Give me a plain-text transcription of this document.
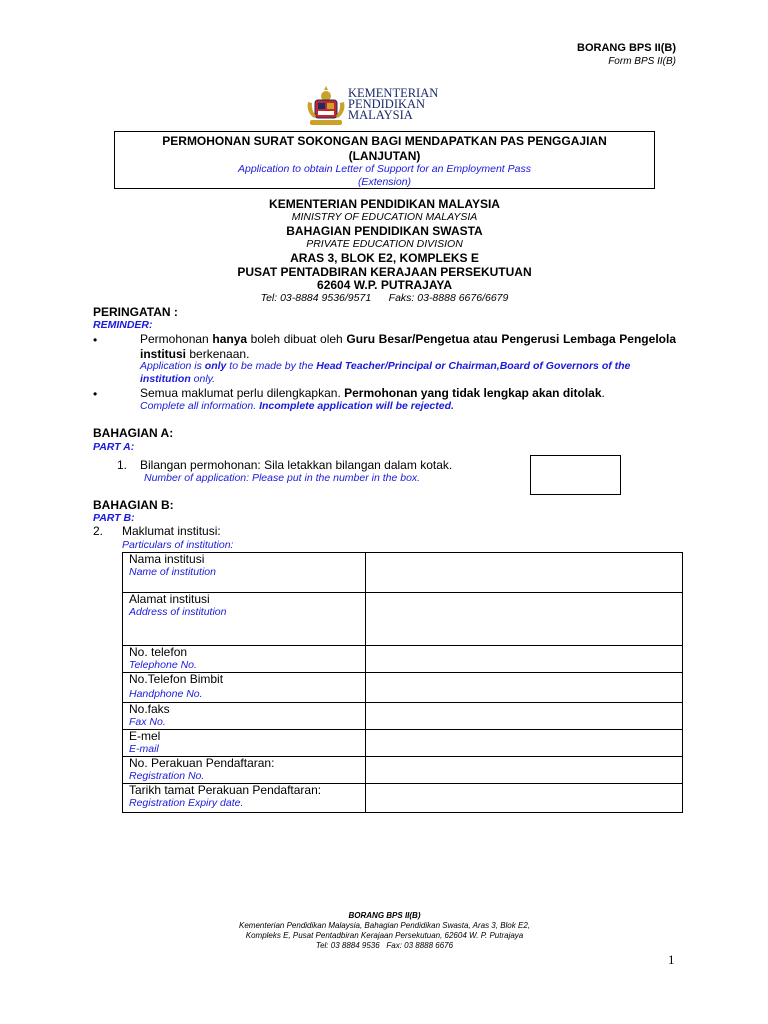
BORANG BPS II(B)
Form BPS II(B)
KEMENTERIAN
PENDIDIKAN
MALAYSIA
PERMOHONAN SURAT SOKONGAN BAGI MENDAPATKAN PAS PENGGAJIAN
(LANJUTAN)
Application to obtain Letter of Support for an Employment Pass
(Extension)
KEMENTERIAN PENDIDIKAN MALAYSIA
MINISTRY OF EDUCATION MALAYSIA
BAHAGIAN PENDIDIKAN SWASTA
PRIVATE EDUCATION DIVISION
ARAS 3, BLOK E2, KOMPLEKS E
PUSAT PENTADBIRAN KERAJAAN PERSEKUTUAN
62604 W.P. PUTRAJAYA
Tel: 03-8884 9536/9571      Faks: 03-8888 6676/6679
PERINGATAN :
REMINDER:
•	Permohonan hanya boleh dibuat oleh Guru Besar/Pengetua atau Pengerusi Lembaga Pengelola institusi berkenaan.
Application is only to be made by the Head Teacher/Principal or Chairman,Board of Governors of the institution only.
•	Semua maklumat perlu dilengkapkan. Permohonan yang tidak lengkap akan ditolak.
Complete all information. Incomplete application will be rejected.
BAHAGIAN A:
PART A:
1. Bilangan permohonan: Sila letakkan bilangan dalam kotak.
Number of application: Please put in the number in the box.
BAHAGIAN B:
PART B:
2. Maklumat institusi:
Particulars of institution:
Nama institusi
Name of institution	

Alamat institusi
Address of institution	

No. telefon
Telephone No.	

No.Telefon Bimbit
Handphone No.	

No.faks
Fax No.	

E-mel
E-mail	

No. Perakuan Pendaftaran:
Registration No.	

Tarikh tamat Perakuan Pendaftaran:
Registration Expiry date.	

BORANG BPS II(B)
Kementerian Pendidikan Malaysia, Bahagian Pendidikan Swasta, Aras 3, Blok E2,
Kompleks E, Pusat Pentadbiran Kerajaan Persekutuan, 62604 W. P. Putrajaya
Tel: 03 8884 9536   Fax: 03 8888 6676
1
